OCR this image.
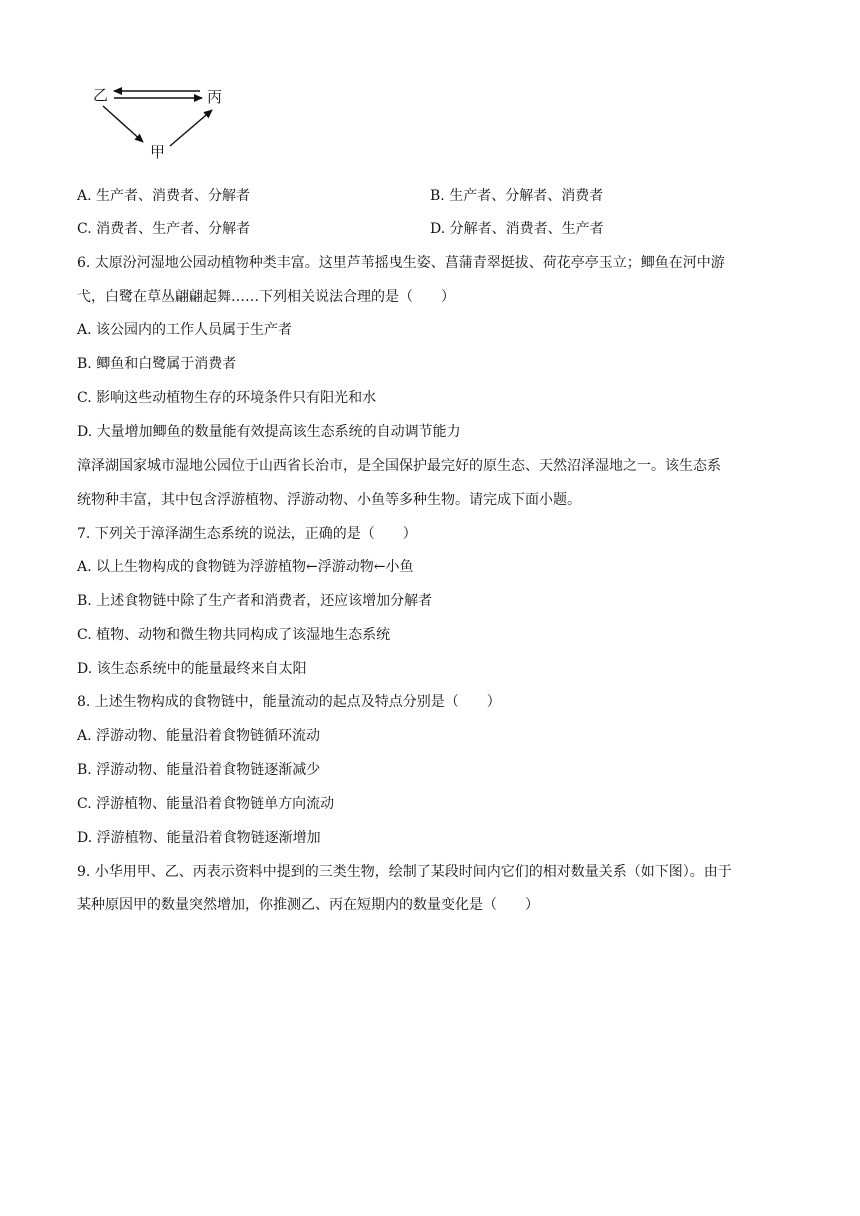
乙	丙
甲
A. 生产者、消费者、分解者	B. 生产者、分解者、消费者
C. 消费者、生产者、分解者	D. 分解者、消费者、生产者
6. 太原汾河湿地公园动植物种类丰富。这里芦苇摇曳生姿、菖蒲青翠挺拔、荷花亭亭玉立；鲫鱼在河中游
弋，白鹭在草丛翩翩起舞……下列相关说法合理的是（　　）
A. 该公园内的工作人员属于生产者
B. 鲫鱼和白鹭属于消费者
C. 影响这些动植物生存的环境条件只有阳光和水
D. 大量增加鲫鱼的数量能有效提高该生态系统的自动调节能力
漳泽湖国家城市湿地公园位于山西省长治市，是全国保护最完好的原生态、天然沼泽湿地之一。该生态系
统物种丰富，其中包含浮游植物、浮游动物、小鱼等多种生物。请完成下面小题。
7. 下列关于漳泽湖生态系统的说法，正确的是（　　）
A. 以上生物构成的食物链为浮游植物←浮游动物←小鱼
B. 上述食物链中除了生产者和消费者，还应该增加分解者
C. 植物、动物和微生物共同构成了该湿地生态系统
D. 该生态系统中的能量最终来自太阳
8. 上述生物构成的食物链中，能量流动的起点及特点分别是（　　）
A. 浮游动物、能量沿着食物链循环流动
B. 浮游动物、能量沿着食物链逐渐减少
C. 浮游植物、能量沿着食物链单方向流动
D. 浮游植物、能量沿着食物链逐渐增加
9. 小华用甲、乙、丙表示资料中提到的三类生物，绘制了某段时间内它们的相对数量关系（如下图）。由于
某种原因甲的数量突然增加，你推测乙、丙在短期内的数量变化是（　　）
